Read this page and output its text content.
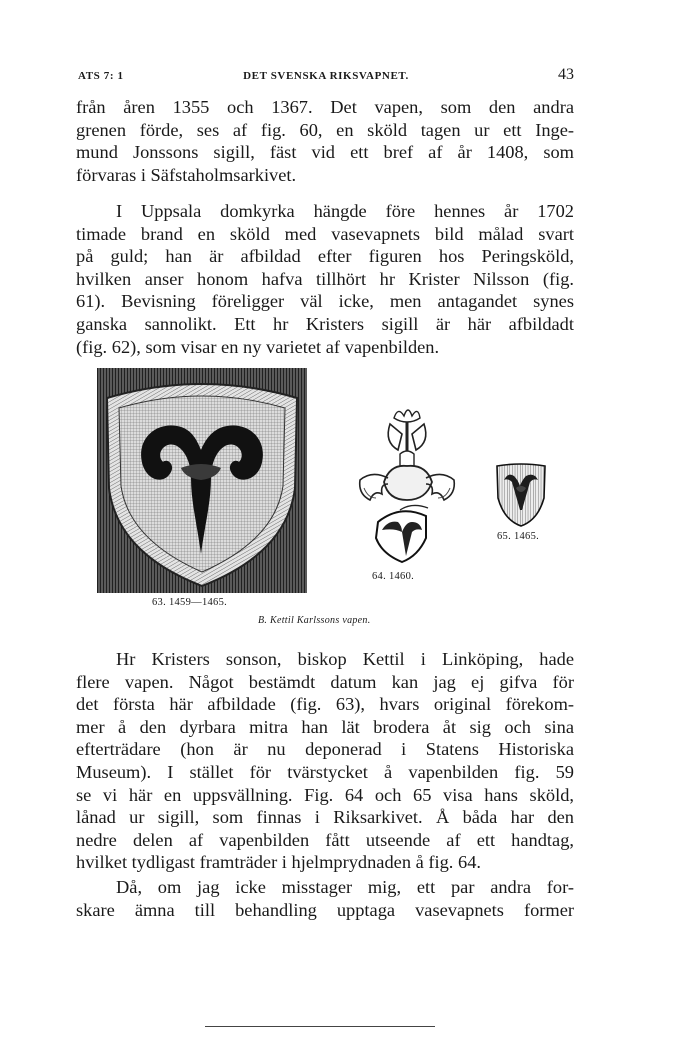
ATS 7: 1	DET SVENSKA RIKSVAPNET.	43

från åren 1355 och 1367. Det vapen, som den andra
grenen förde, ses af fig. 60, en sköld tagen ur ett Inge-
mund Jonssons sigill, fäst vid ett bref af år 1408, som
förvaras i Säfstaholmsarkivet.

I Uppsala domkyrka hängde före hennes år 1702
timade brand en sköld med vasevapnets bild målad svart
på guld; han är afbildad efter figuren hos Peringsköld,
hvilken anser honom hafva tillhört hr Krister Nilsson (fig.
61). Bevisning föreligger väl icke, men antagandet synes
ganska sannolikt. Ett hr Kristers sigill är här afbildadt
(fig. 62), som visar en ny varietet af vapenbilden.

63. 1459—1465.
64. 1460.
65. 1465.
B. Kettil Karlssons vapen.

Hr Kristers sonson, biskop Kettil i Linköping, hade
flere vapen. Något bestämdt datum kan jag ej gifva för
det första här afbildade (fig. 63), hvars original förekom-
mer å den dyrbara mitra han lät brodera åt sig och sina
efterträdare (hon är nu deponerad i Statens Historiska
Museum). I stället för tvärstycket å vapenbilden fig. 59
se vi här en uppsvällning. Fig. 64 och 65 visa hans sköld,
lånad ur sigill, som finnas i Riksarkivet. Å båda har den
nedre delen af vapenbilden fått utseende af ett handtag,
hvilket tydligast framträder i hjelmprydnaden å fig. 64.

Då, om jag icke misstager mig, ett par andra for-
skare ämna till behandling upptaga vasevapnets former
